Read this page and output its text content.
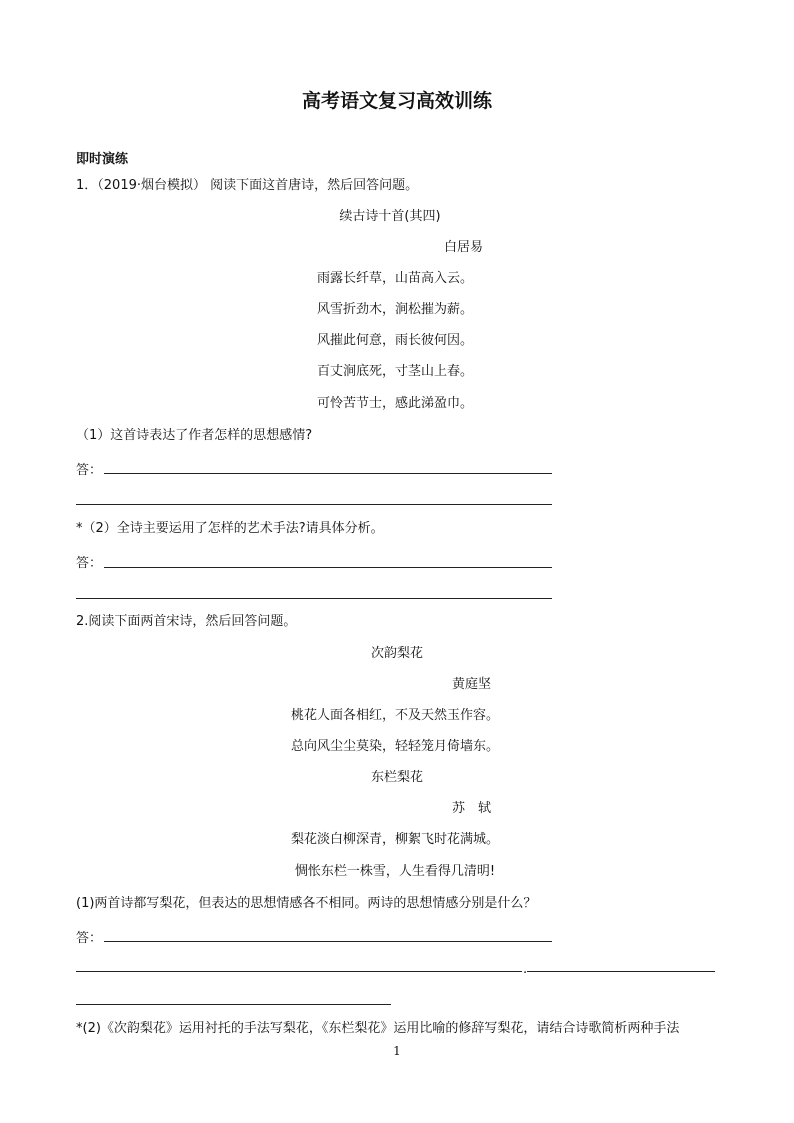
高考语文复习高效训练
即时演练
1．（2019·烟台模拟） 阅读下面这首唐诗，然后回答问题。
续古诗十首(其四)
白居易
雨露长纤草，山苗高入云。
风雪折劲木，涧松摧为薪。
风摧此何意，雨长彼何因。
百丈涧底死，寸茎山上春。
可怜苦节士，感此涕盈巾。
（1）这首诗表达了作者怎样的思想感情?
答：
*（2）全诗主要运用了怎样的艺术手法?请具体分析。
答：
2.阅读下面两首宋诗，然后回答问题。
次韵梨花
黄庭坚
桃花人面各相红，不及天然玉作容。
总向风尘尘莫染，轻轻笼月倚墙东。
东栏梨花
苏　轼
梨花淡白柳深青，柳絮飞时花满城。
惆怅东栏一株雪，人生看得几清明!
(1)两首诗都写梨花，但表达的思想情感各不相同。两诗的思想情感分别是什么？
答：
.
*(2)《次韵梨花》运用衬托的手法写梨花，《东栏梨花》运用比喻的修辞写梨花，请结合诗歌简析两种手法
1
